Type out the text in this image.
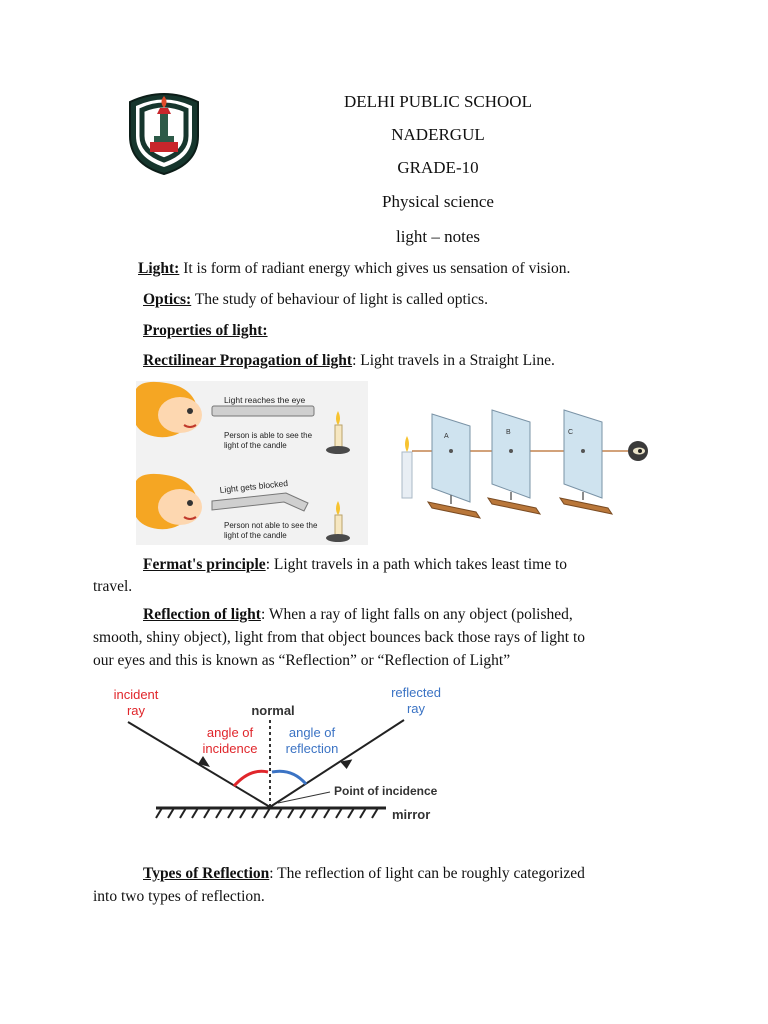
DELHI PUBLIC SCHOOL
NADERGUL
GRADE-10
Physical science
light – notes
Light: It is form of radiant energy which gives us sensation of vision.
Optics: The study of behaviour of light is called optics.
Properties of light:
Rectilinear Propagation of light: Light travels in a Straight Line.
Light reaches the eye
Person is able to see the
light of the candle
Light gets blocked
Person not able to see the
light of the candle
A
B	C
Fermat's principle: Light travels in a path which takes least time to
travel.
Reflection of light: When a ray of light falls on any object (polished,
smooth, shiny object), light from that object bounces back those rays of light to
our eyes and this is known as “Reflection” or “Reflection of Light”
incident
ray
reflected
ray
normal
angle of
incidence
angle of
reflection
Point of incidence
mirror
Types of Reflection: The reflection of light can be roughly categorized
into two types of reflection.
